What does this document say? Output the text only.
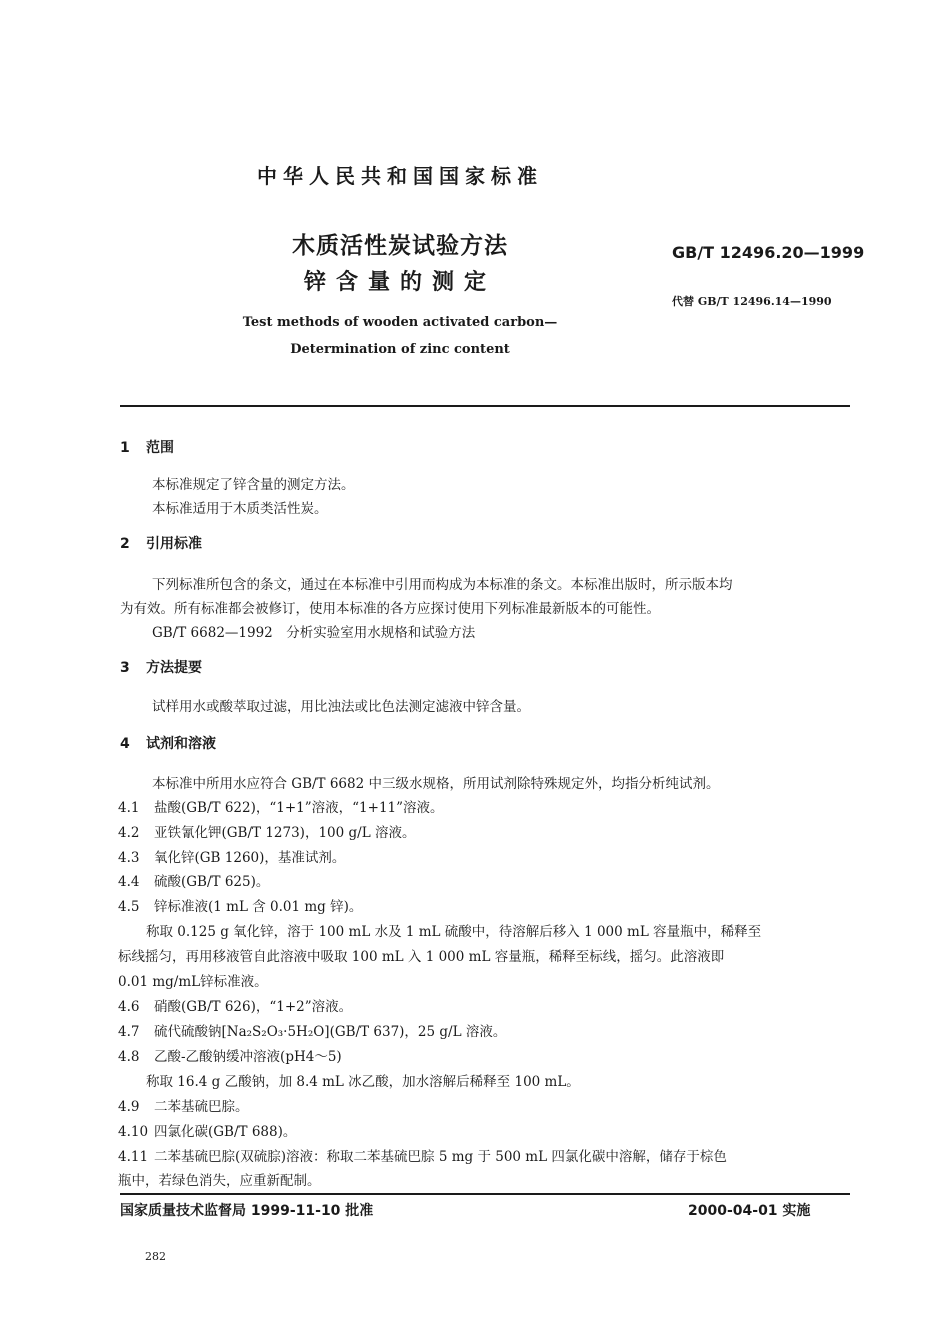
中华人民共和国国家标准
木质活性炭试验方法
锌含量的测定
GB/T 12496.20—1999
代替 GB/T 12496.14—1990
Test methods of wooden activated carbon—
Determination of zinc content
1 范围
本标准规定了锌含量的测定方法。
本标准适用于木质类活性炭。
2 引用标准
下列标准所包含的条文，通过在本标准中引用而构成为本标准的条文。本标准出版时，所示版本均
为有效。所有标准都会被修订，使用本标准的各方应探讨使用下列标准最新版本的可能性。
GB/T 6682—1992　分析实验室用水规格和试验方法
3 方法提要
试样用水或酸萃取过滤，用比浊法或比色法测定滤液中锌含量。
4 试剂和溶液
本标准中所用水应符合 GB/T 6682 中三级水规格，所用试剂除特殊规定外，均指分析纯试剂。
4.1 盐酸(GB/T 622)，“1+1”溶液，“1+11”溶液。
4.2 亚铁氰化钾(GB/T 1273)，100 g/L 溶液。
4.3 氧化锌(GB 1260)，基准试剂。
4.4 硫酸(GB/T 625)。
4.5 锌标准液(1 mL 含 0.01 mg 锌)。
称取 0.125 g 氧化锌，溶于 100 mL 水及 1 mL 硫酸中，待溶解后移入 1 000 mL 容量瓶中，稀释至
标线摇匀，再用移液管自此溶液中吸取 100 mL 入 1 000 mL 容量瓶，稀释至标线，摇匀。此溶液即
0.01 mg/mL锌标准液。
4.6 硝酸(GB/T 626)，“1+2”溶液。
4.7 硫代硫酸钠[Na₂S₂O₃·5H₂O](GB/T 637)，25 g/L 溶液。
4.8 乙酸-乙酸钠缓冲溶液(pH4～5)
称取 16.4 g 乙酸钠，加 8.4 mL 冰乙酸，加水溶解后稀释至 100 mL。
4.9 二苯基硫巴腙。
4.10 四氯化碳(GB/T 688)。
4.11 二苯基硫巴腙(双硫腙)溶液：称取二苯基硫巴腙 5 mg 于 500 mL 四氯化碳中溶解，储存于棕色
瓶中，若绿色消失，应重新配制。
国家质量技术监督局 1999-11-10 批准	2000-04-01 实施
282
